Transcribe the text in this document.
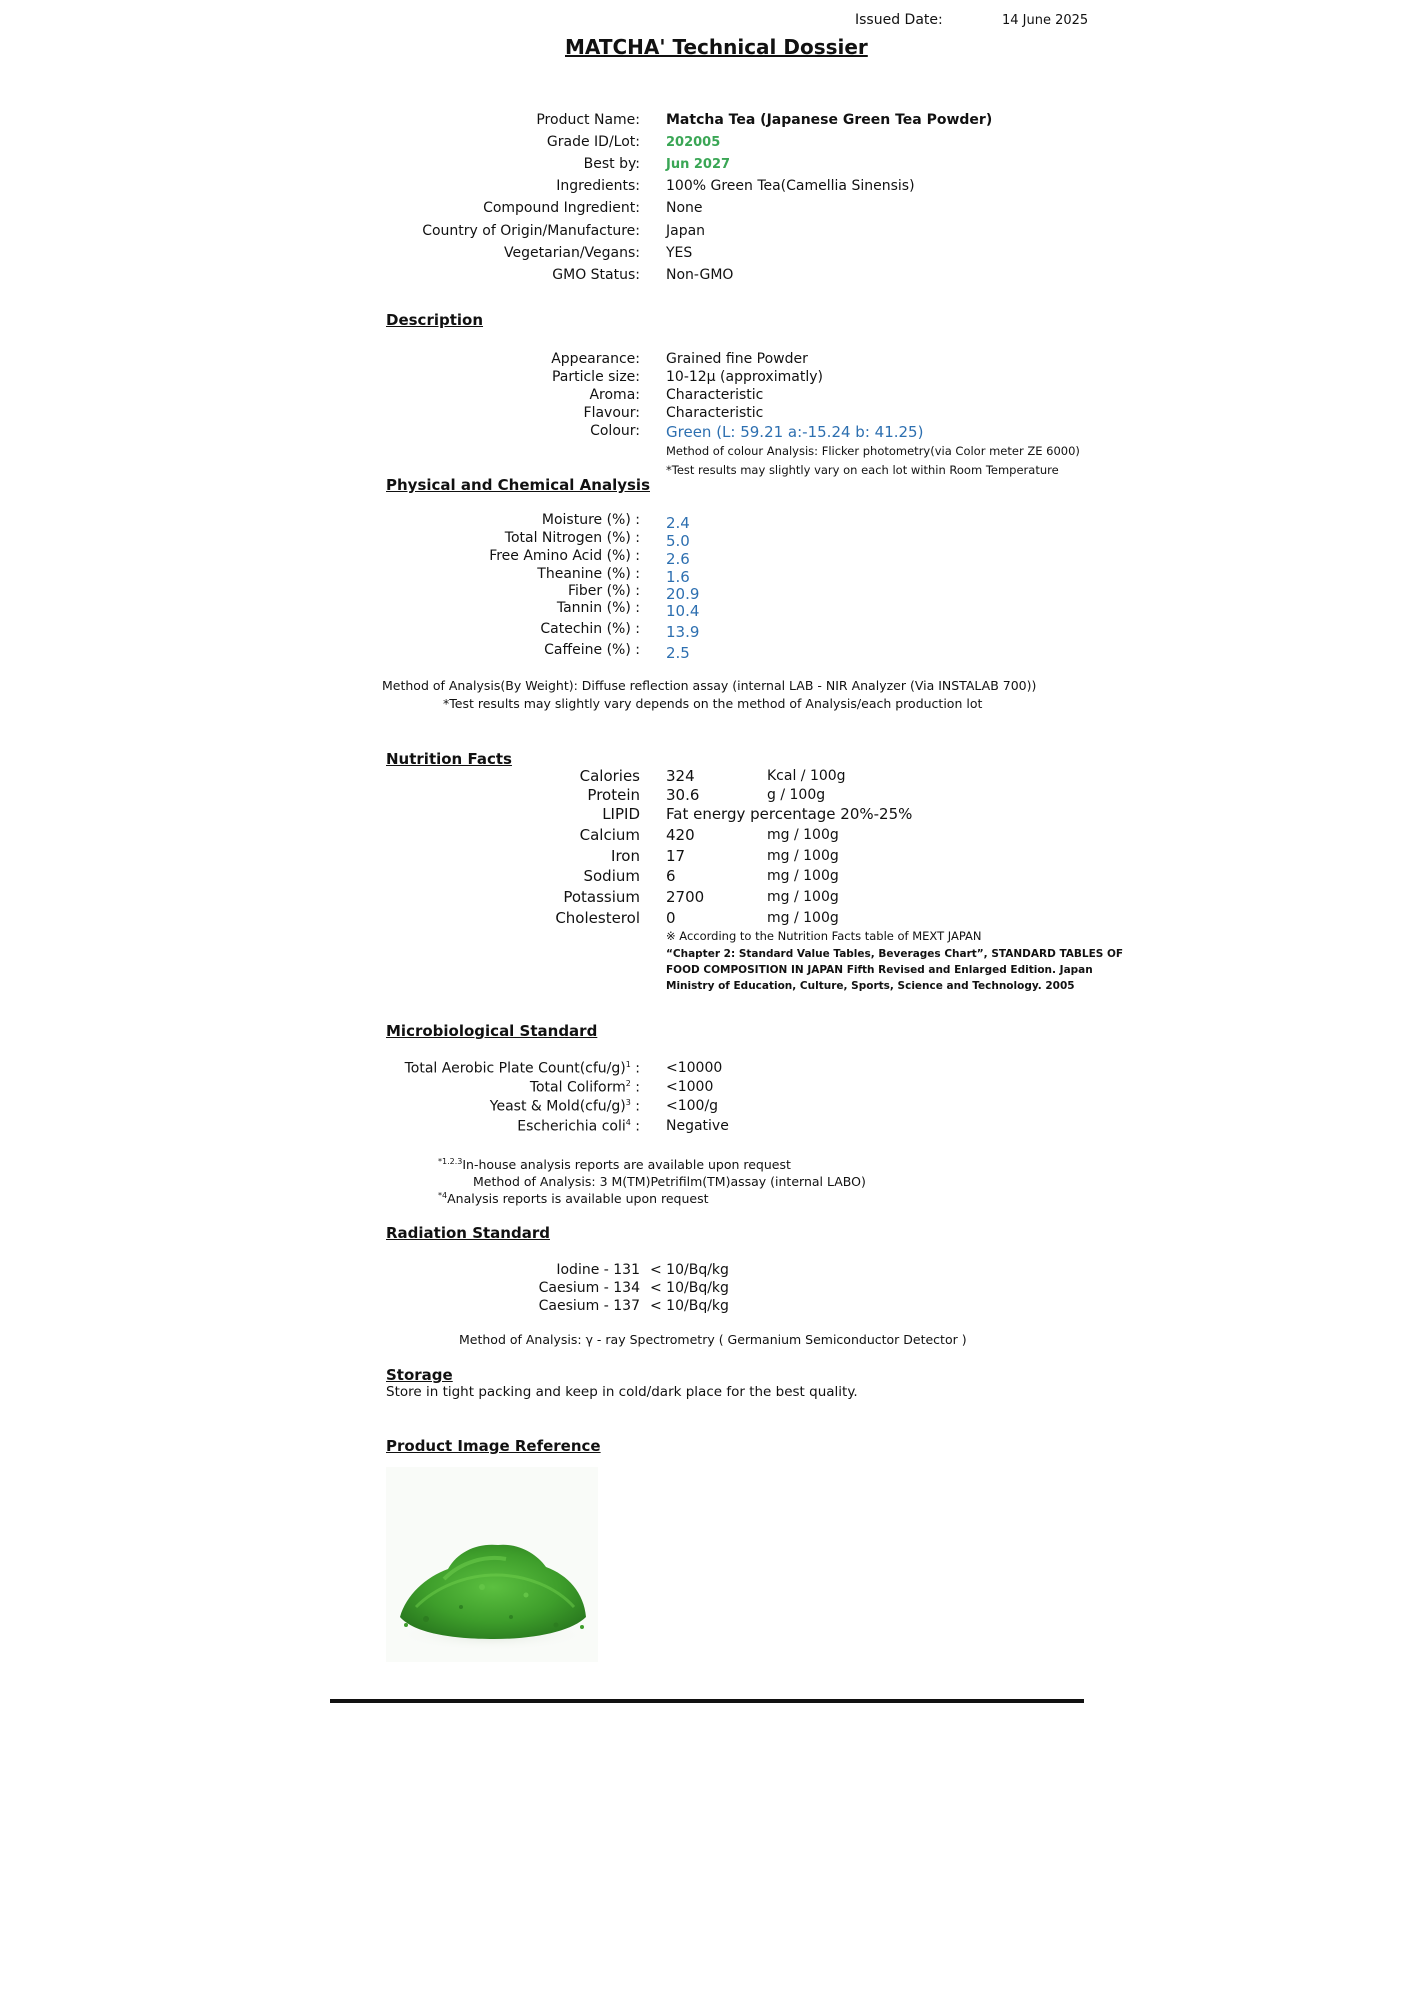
Issued Date:	14 June 2025
MATCHA' Technical Dossier
Product Name: Matcha Tea (Japanese Green Tea Powder)
Grade ID/Lot: 202005
Best by: Jun 2027
Ingredients: 100% Green Tea(Camellia Sinensis)
Compound Ingredient: None
Country of Origin/Manufacture: Japan
Vegetarian/Vegans: YES
GMO Status: Non-GMO
Description
Appearance: Grained fine Powder
Particle size: 10-12µ (approximatly)
Aroma: Characteristic
Flavour: Characteristic
Colour: Green (L: 59.21 a:-15.24 b: 41.25)
Method of colour Analysis: Flicker photometry(via Color meter ZE 6000)
*Test results may slightly vary on each lot within Room Temperature
Physical and Chemical Analysis
Moisture (%) : 2.4
Total Nitrogen (%) : 5.0
Free Amino Acid (%) : 2.6
Theanine (%) : 1.6
Fiber (%) : 20.9
Tannin (%) : 10.4
Catechin (%) : 13.9
Caffeine (%) : 2.5
Method of Analysis(By Weight): Diffuse reflection assay (internal LAB - NIR Analyzer (Via INSTALAB 700))
*Test results may slightly vary depends on the method of Analysis/each production lot
Nutrition Facts
Calories 324	Kcal / 100g
Protein 30.6	g / 100g
LIPID Fat energy percentage 20%-25%
Calcium 420	mg / 100g
Iron 17	mg / 100g
Sodium 6	mg / 100g
Potassium 2700	mg / 100g
Cholesterol 0	mg / 100g
※ According to the Nutrition Facts table of MEXT JAPAN
“Chapter 2: Standard Value Tables, Beverages Chart”, STANDARD TABLES OF
FOOD COMPOSITION IN JAPAN Fifth Revised and Enlarged Edition. Japan
Ministry of Education, Culture, Sports, Science and Technology. 2005
Microbiological Standard
Total Aerobic Plate $Count(cfu/g)^1$ : <10000
Total Coliform$^2$ : <1000
Yeast & $Mold(cfu/g)^3$ : <100/g
Escherichia coli$^4$ : Negative
$^{*1.2.3}$In-house analysis reports are available upon request
Method of Analysis: 3 M(TM)Petrifilm(TM)assay (internal LABO)
$^{*4}$Analysis reports is available upon request
Radiation Standard
Iodine - 131 < 10/Bq/kg
Caesium - 134 < 10/Bq/kg
Caesium - 137 < 10/Bq/kg
Method of Analysis: γ - ray Spectrometry ( Germanium Semiconductor Detector )
Storage
Store in tight packing and keep in cold/dark place for the best quality.
Product Image Reference
